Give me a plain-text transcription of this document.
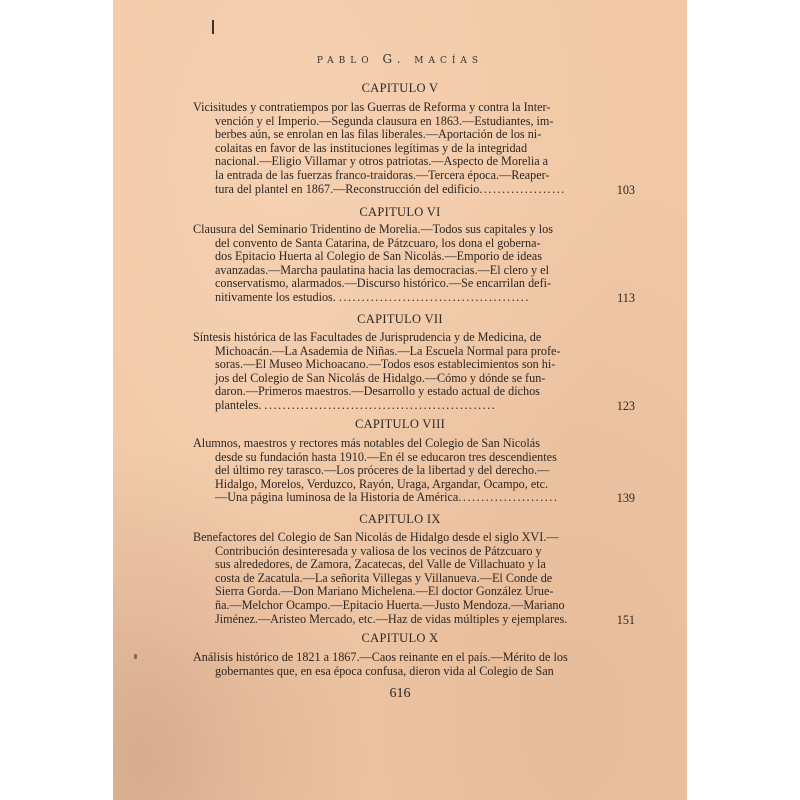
PABLO G. MACÍAS
CAPITULO V
Vicisitudes y contratiempos por las Guerras de Reforma y contra la Inter-
vención y el Imperio.—Segunda clausura en 1863.—Estudiantes, im-
berbes aún, se enrolan en las filas liberales.—Aportación de los ni-
colaitas en favor de las instituciones legítimas y de la integridad
nacional.—Eligio Villamar y otros patriotas.—Aspecto de Morelia a
la entrada de las fuerzas franco-traidoras.—Tercera época.—Reaper-
tura del plantel en 1867.—Reconstrucción del edificio...................	103
CAPITULO VI
Clausura del Seminario Tridentino de Morelia.—Todos sus capitales y los
del convento de Santa Catarina, de Pátzcuaro, los dona el goberna-
dos Epitacio Huerta al Colegio de San Nicolás.—Emporio de ideas
avanzadas.—Marcha paulatina hacia las democracias.—El clero y el
conservatismo, alarmados.—Discurso histórico.—Se encarrilan defi-
nitivamente los estudios. ..........................................	113
CAPITULO VII
Síntesis histórica de las Facultades de Jurisprudencia y de Medicina, de
Michoacán.—La Asademia de Niñas.—La Escuela Normal para profe-
soras.—El Museo Michoacano.—Todos esos establecimientos son hi-
jos del Colegio de San Nicolás de Hidalgo.—Cómo y dónde se fun-
daron.—Primeros maestros.—Desarrollo y estado actual de dichos
planteles. ...................................................	123
CAPITULO VIII
Alumnos, maestros y rectores más notables del Colegio de San Nicolás
desde su fundación hasta 1910.—En él se educaron tres descendientes
del último rey tarasco.—Los próceres de la libertad y del derecho.—
Hidalgo, Morelos, Verduzco, Rayón, Uraga, Argandar, Ocampo, etc.
—Una página luminosa de la Historia de América......................	139
CAPITULO IX
Benefactores del Colegio de San Nicolás de Hidalgo desde el siglo XVI.—
Contribución desinteresada y valiosa de los vecinos de Pátzcuaro y
sus alrededores, de Zamora, Zacatecas, del Valle de Villachuato y la
costa de Zacatula.—La señorita Villegas y Villanueva.—El Conde de
Sierra Gorda.—Don Mariano Michelena.—El doctor González Urue-
ña.—Melchor Ocampo.—Epitacio Huerta.—Justo Mendoza.—Mariano
Jiménez.—Aristeo Mercado, etc.—Haz de vidas múltiples y ejemplares.	151
CAPITULO X
Análisis histórico de 1821 a 1867.—Caos reinante en el país.—Mérito de los
gobernantes que, en esa época confusa, dieron vida al Colegio de San
616
